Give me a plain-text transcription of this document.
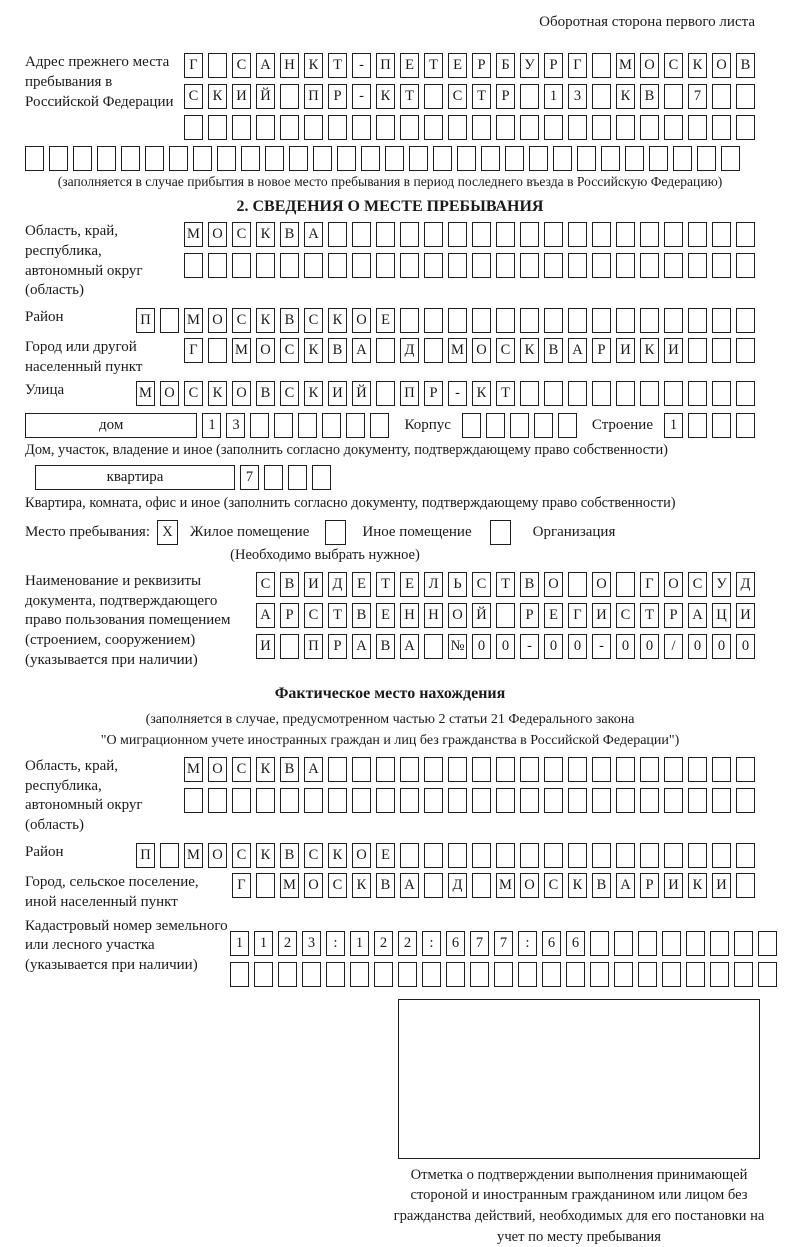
Оборотная сторона первого листа
Адрес прежнего места пребывания в Российской Федерации
Г	С А Н К	Т	-	П Е	Т	Е	Р	Б	У	Р	Г	М О С К О В
С К И Й	П	Р	-	К	Т	С	Т	Р	1	3	К В	7
(заполняется в случае прибытия в новое место пребывания в период последнего въезда в Российскую Федерацию)
2. СВЕДЕНИЯ О МЕСТЕ ПРЕБЫВАНИЯ
Область, край, республика, автономный округ (область)
М О С К В А
Район	П	М О С К В С К О Е
Город или другой населенный пункт
Г	М О С К В А	Д	М О С К В А	Р	И К И
Улица	М О С К О В С К И Й	П	Р	-	К	Т
дом	1	3	Корпус	Строение	1
Дом, участок, владение и иное (заполнить согласно документу, подтверждающему право собственности)
квартира	7
Квартира, комната, офис и иное (заполнить согласно документу, подтверждающему право собственности)
Место пребывания: X	Жилое помещение	Иное помещение	Организация
(Необходимо выбрать нужное)
Наименование и реквизиты документа, подтверждающего право пользования помещением (строением, сооружением) (указывается при наличии)
С В И Д	Е	Т	Е	Л	Ь	С	Т	В О	О	Г	О С У Д
А	Р	С	Т	В	Е Н Н О Й	Р	Е	Г	И С	Т	Р	А Ц И
И	П	Р	А В А № 0	0	-	0	0	-	0	0	/	0	0	0
Фактическое место нахождения
(заполняется в случае, предусмотренном частью 2 статьи 21 Федерального закона
"О миграционном учете иностранных граждан и лиц без гражданства в Российской Федерации")
Область, край, республика, автономный округ (область)
М О С К В А
Район	П	М О С К В С К О Е
Город, сельское поселение, иной населенный пункт
Г	М О С К В А	Д	М О С К В А	Р	И К И
Кадастровый номер земельного или лесного участка (указывается при наличии)
1	1	2	3	:	1	2	2	:	6	7	7	:	6	6
Отметка о подтверждении выполнения принимающей стороной и иностранным гражданином или лицом без гражданства действий, необходимых для его постановки на учет по месту пребывания
